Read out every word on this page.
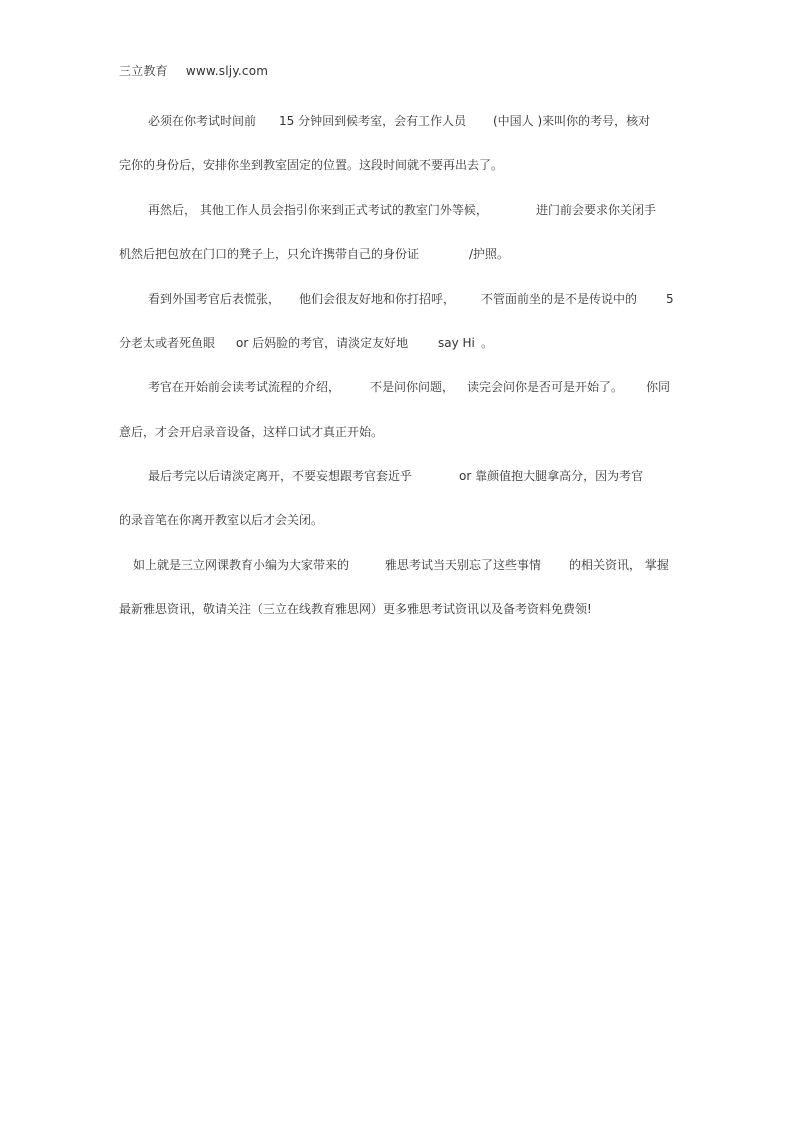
三立教育 www.sljy.com
必须在你考试时间前 15 分钟回到候考室，会有工作人员 (中国人 )来叫你的考号，核对
完你的身份后，安排你坐到教室固定的位置。这段时间就不要再出去了。
再然后， 其他工作人员会指引你来到正式考试的教室门外等候，	进门前会要求你关闭手
机然后把包放在门口的凳子上，只允许携带自己的身份证	/护照。
看到外国考官后表慌张， 他们会很友好地和你打招呼， 不管面前坐的是不是传说中的 5
分老太或者死鱼眼 or 后妈脸的考官，请淡定友好地 say Hi 。
考官在开始前会读考试流程的介绍， 不是问你问题， 读完会问你是否可是开始了。 你同
意后，才会开启录音设备，这样口试才真正开始。
最后考完以后请淡定离开，不要妄想跟考官套近乎	or 靠颜值抱大腿拿高分，因为考官
的录音笔在你离开教室以后才会关闭。
如上就是三立网课教育小编为大家带来的	雅思考试当天别忘了这些事情 的相关资讯， 掌握
最新雅思资讯，敬请关注（三立在线教育雅思网）更多雅思考试资讯以及备考资料免费领!
